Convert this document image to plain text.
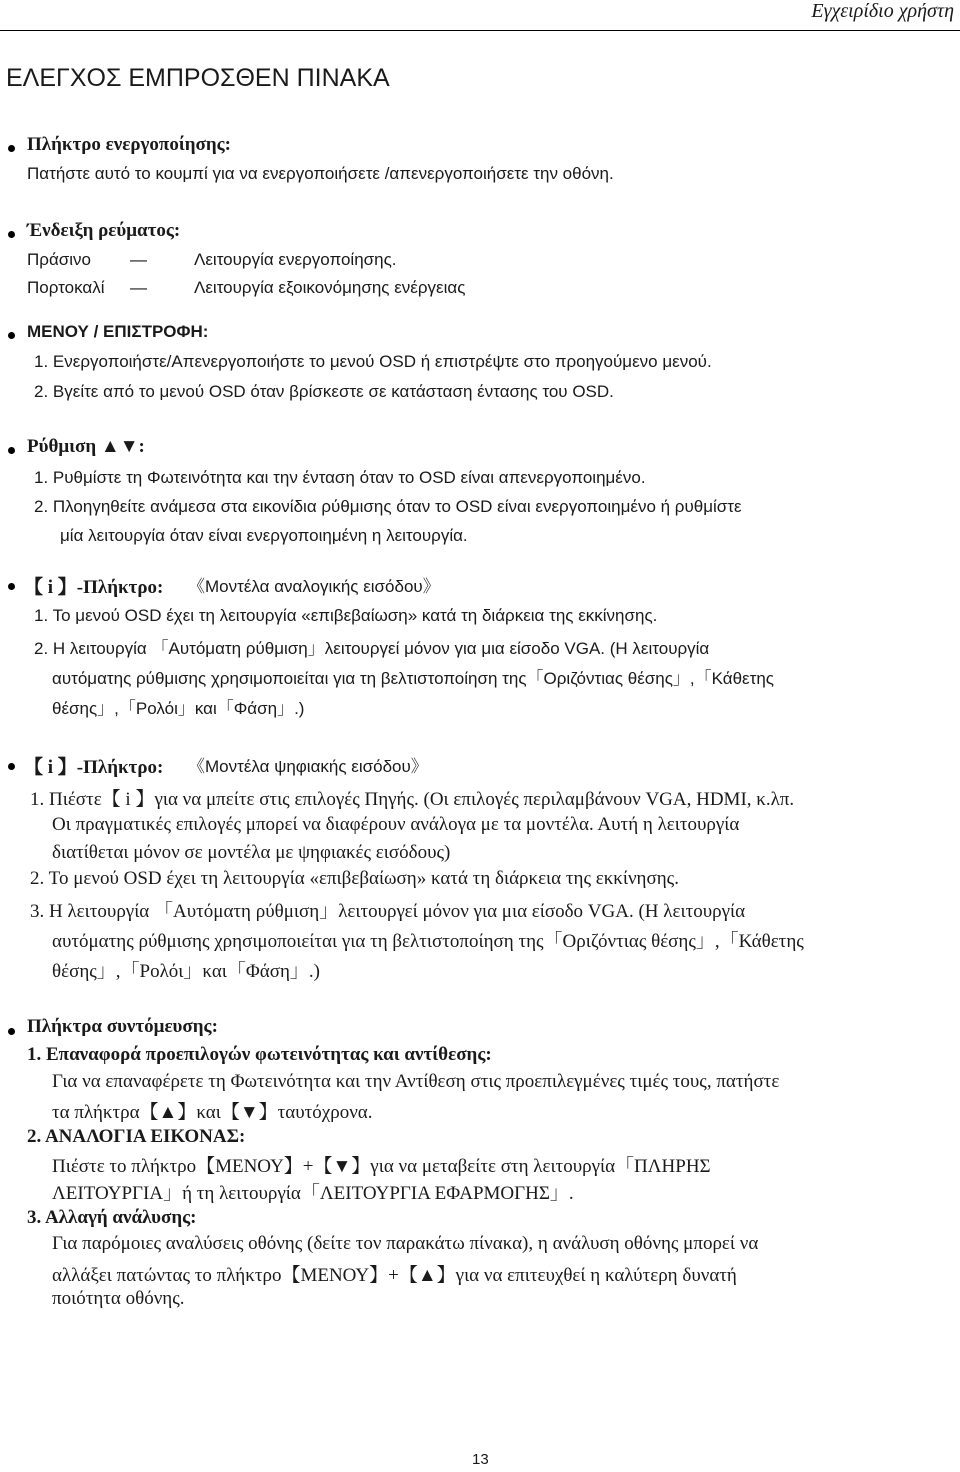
Εγχειρίδιο χρήστη
ΕΛΕΓΧΟΣ ΕΜΠΡΟΣΘΕΝ ΠΙΝΑΚΑ
Πλήκτρο ενεργοποίησης:
Πατήστε αυτό το κουμπί για να ενεργοποιήσετε /απενεργοποιήσετε την οθόνη.
Ένδειξη ρεύματος:
Πράσινο —	Λειτουργία ενεργοποίησης.
Πορτοκαλί —	Λειτουργία εξοικονόμησης ενέργειας
ΜΕΝΟΥ / ΕΠΙΣΤΡΟΦΗ:
1. Ενεργοποιήστε/Απενεργοποιήστε το μενού OSD ή επιστρέψτε στο προηγούμενο μενού.
2. Βγείτε από το μενού OSD όταν βρίσκεστε σε κατάσταση έντασης του OSD.
Ρύθμιση ▲▼:
1. Ρυθμίστε τη Φωτεινότητα και την ένταση όταν το OSD είναι απενεργοποιημένο.
2. Πλοηγηθείτε ανάμεσα στα εικονίδια ρύθμισης όταν το OSD είναι ενεργοποιημένο ή ρυθμίστε
μία λειτουργία όταν είναι ενεργοποιημένη η λειτουργία.
【 i 】-Πλήκτρο: 《Μοντέλα αναλογικής εισόδου》
1. Το μενού OSD έχει τη λειτουργία «επιβεβαίωση» κατά τη διάρκεια της εκκίνησης.
2. Η λειτουργία 「Αυτόματη ρύθμιση」λειτουργεί μόνον για μια είσοδο VGA. (Η λειτουργία
αυτόματης ρύθμισης χρησιμοποιείται για τη βελτιστοποίηση της「Οριζόντιας θέσης」,「Κάθετης
θέσης」,「Ρολόι」και「Φάση」.)
【 i 】-Πλήκτρο: 《Μοντέλα ψηφιακής εισόδου》
1. Πιέστε【 i 】για να μπείτε στις επιλογές Πηγής. (Οι επιλογές περιλαμβάνουν VGA, HDMI, κ.λπ.
Οι πραγματικές επιλογές μπορεί να διαφέρουν ανάλογα με τα μοντέλα. Αυτή η λειτουργία
διατίθεται μόνον σε μοντέλα με ψηφιακές εισόδους)
2. Το μενού OSD έχει τη λειτουργία «επιβεβαίωση» κατά τη διάρκεια της εκκίνησης.
3. Η λειτουργία 「Αυτόματη ρύθμιση」λειτουργεί μόνον για μια είσοδο VGA. (Η λειτουργία
αυτόματης ρύθμισης χρησιμοποιείται για τη βελτιστοποίηση της「Οριζόντιας θέσης」,「Κάθετης
θέσης」,「Ρολόι」και「Φάση」.)
Πλήκτρα συντόμευσης:
1. Επαναφορά προεπιλογών φωτεινότητας και αντίθεσης:
Για να επαναφέρετε τη Φωτεινότητα και την Αντίθεση στις προεπιλεγμένες τιμές τους, πατήστε
τα πλήκτρα【▲】και【▼】ταυτόχρονα.
2. ΑΝΑΛΟΓΙΑ ΕΙΚΟΝΑΣ:
Πιέστε το πλήκτρο【ΜΕΝΟΥ】+【▼】για να μεταβείτε στη λειτουργία「ΠΛΗΡΗΣ
ΛΕΙΤΟΥΡΓΙΑ」ή τη λειτουργία「ΛΕΙΤΟΥΡΓΙΑ ΕΦΑΡΜΟΓΗΣ」.
3. Αλλαγή ανάλυσης:
Για παρόμοιες αναλύσεις οθόνης (δείτε τον παρακάτω πίνακα), η ανάλυση οθόνης μπορεί να
αλλάξει πατώντας το πλήκτρο【ΜΕΝΟΥ】+【▲】για να επιτευχθεί η καλύτερη δυνατή
ποιότητα οθόνης.
13
